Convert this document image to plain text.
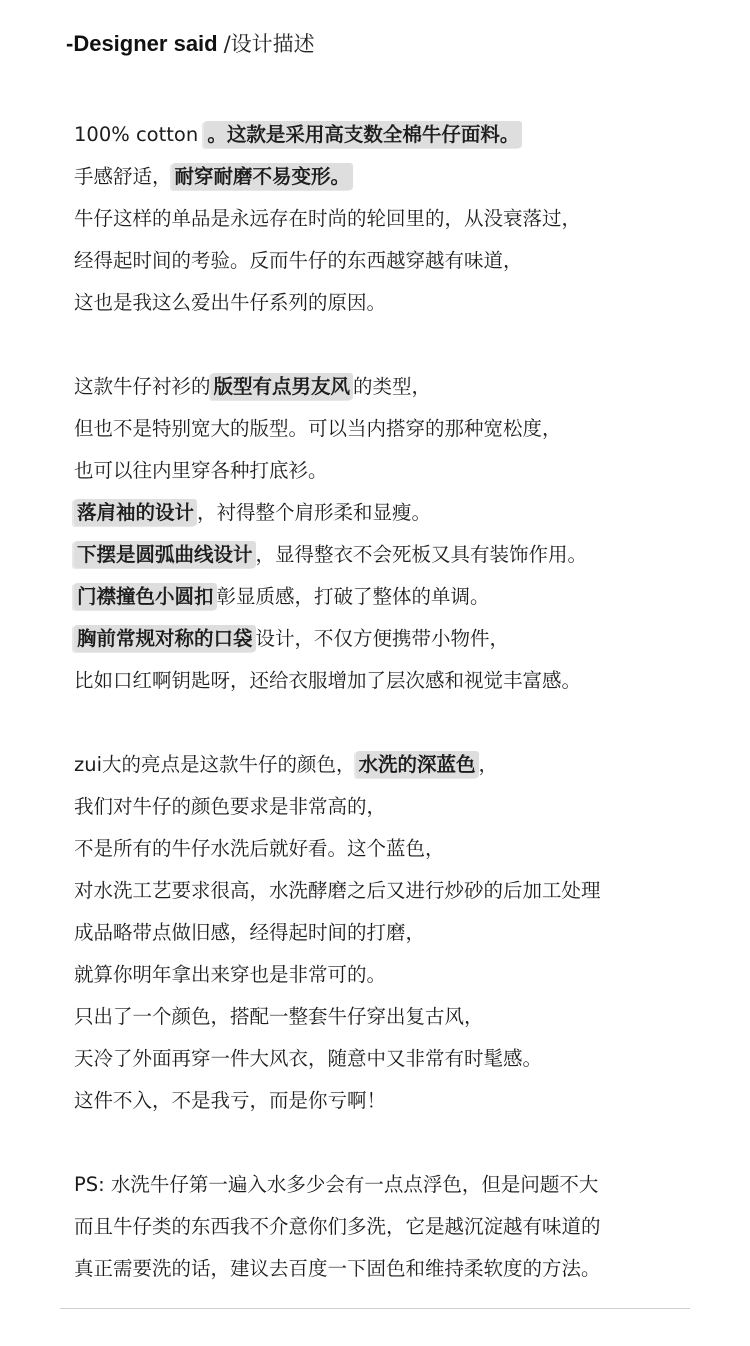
-Designer said /设计描述
100% cotton 。这款是采用高支数全棉牛仔面料。
手感舒适， 耐穿耐磨不易变形。
牛仔这样的单品是永远存在时尚的轮回里的，从没衰落过，
经得起时间的考验。反而牛仔的东西越穿越有味道，
这也是我这么爱出牛仔系列的原因。
这款牛仔衬衫的 版型有点男友风 的类型，
但也不是特别宽大的版型。可以当内搭穿的那种宽松度，
也可以往内里穿各种打底衫。
落肩袖的设计 ，衬得整个肩形柔和显瘦。
下摆是圆弧曲线设计 ，显得整衣不会死板又具有装饰作用。
门襟撞色小圆扣 彰显质感，打破了整体的单调。
胸前常规对称的口袋 设计，不仅方便携带小物件，
比如口红啊钥匙呀，还给衣服增加了层次感和视觉丰富感。
zui大的亮点是这款牛仔的颜色， 水洗的深蓝色 ，
我们对牛仔的颜色要求是非常高的，
不是所有的牛仔水洗后就好看。这个蓝色，
对水洗工艺要求很高，水洗酵磨之后又进行炒砂的后加工处理
成品略带点做旧感，经得起时间的打磨，
就算你明年拿出来穿也是非常可的。
只出了一个颜色，搭配一整套牛仔穿出复古风，
天冷了外面再穿一件大风衣，随意中又非常有时髦感。
这件不入，不是我亏，而是你亏啊！
PS: 水洗牛仔第一遍入水多少会有一点点浮色，但是问题不大
而且牛仔类的东西我不介意你们多洗，它是越沉淀越有味道的
真正需要洗的话，建议去百度一下固色和维持柔软度的方法。
